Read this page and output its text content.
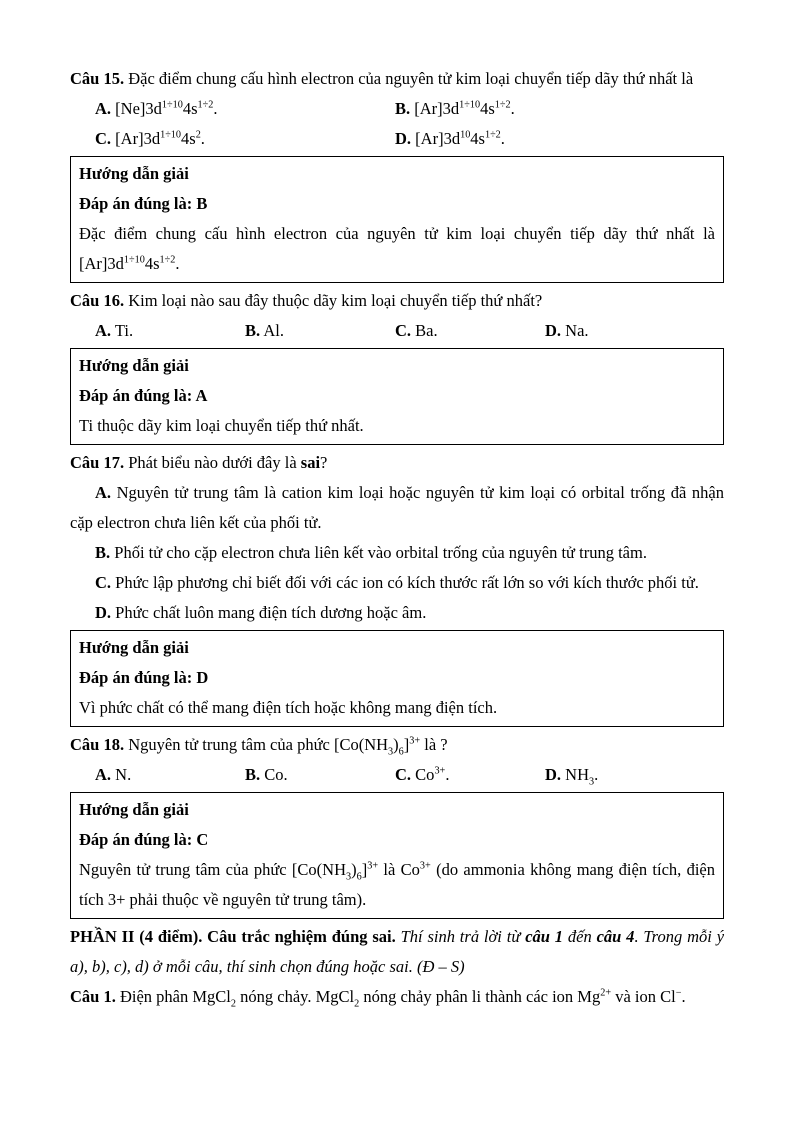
Câu 15. Đặc điểm chung cấu hình electron của nguyên tử kim loại chuyển tiếp dãy thứ nhất là

A. $[Ne]3d^{1\div 10}4s^{1\div 2}$.	B. $[Ar]3d^{1\div 10}4s^{1\div 2}$.

C. $[Ar]3d^{1\div 10}4s^2$.	D. $[Ar]3d^{10}4s^{1\div 2}$.

Hướng dẫn giải

Đáp án đúng là: B

Đặc điểm chung cấu hình electron của nguyên tử kim loại chuyển tiếp dãy thứ nhất là $[Ar]3d^{1\div 10}4s^{1\div 2}$.

Câu 16. Kim loại nào sau đây thuộc dãy kim loại chuyển tiếp thứ nhất?

A. Ti.	B. Al.	C. Ba.	D. Na.

Hướng dẫn giải

Đáp án đúng là: A

Ti thuộc dãy kim loại chuyển tiếp thứ nhất.

Câu 17. Phát biểu nào dưới đây là sai?

A. Nguyên tử trung tâm là cation kim loại hoặc nguyên tử kim loại có orbital trống đã nhận cặp electron chưa liên kết của phối tử.

B. Phối tử cho cặp electron chưa liên kết vào orbital trống của nguyên tử trung tâm.

C. Phức lập phương chỉ biết đối với các ion có kích thước rất lớn so với kích thước phối tử.

D. Phức chất luôn mang điện tích dương hoặc âm.

Hướng dẫn giải

Đáp án đúng là: D

Vì phức chất có thể mang điện tích hoặc không mang điện tích.

Câu 18. Nguyên tử trung tâm của phức $[Co(NH_3)_6]^{3+}$ là ?

A. N.	B. Co.	C. $Co^{3+}$.	D. $NH_3$.

Hướng dẫn giải

Đáp án đúng là: C

Nguyên tử trung tâm của phức $[Co(NH_3)_6]^{3+}$ là $Co^{3+}$ (do ammonia không mang điện tích, điện tích 3+ phải thuộc về nguyên tử trung tâm).

PHẦN II (4 điểm). Câu trắc nghiệm đúng sai. Thí sinh trả lời từ câu 1 đến câu 4. Trong mỗi ý a), b), c), d) ở mỗi câu, thí sinh chọn đúng hoặc sai. (Đ – S)

Câu 1. Điện phân MgCl$_2$ nóng chảy. MgCl$_2$ nóng chảy phân li thành các ion $Mg^{2+}$ và ion Cl−.
